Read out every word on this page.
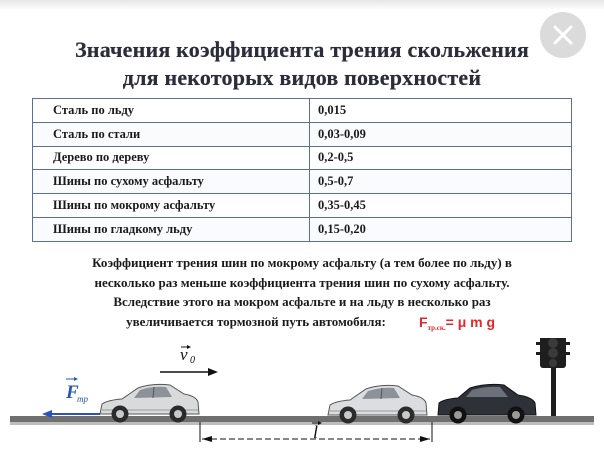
Значения коэффициента трения скольжения
для некоторых видов поверхностей
Сталь по льду	0,015
Сталь по стали	0,03-0,09
Дерево по дереву	0,2-0,5
Шины по сухому асфальту	0,5-0,7
Шины по мокрому асфальту	0,35-0,45
Шины по гладкому льду	0,15-0,20
Коэффициент трения шин по мокрому асфальту (а тем более по льду) в
несколько раз меньше коэффициента трения шин по сухому асфальту.
Вследствие этого на мокром асфальте и на льду в несколько раз
увеличивается тормозной путь автомобиля:	$F_{тр.ск.}= \mu$ m g
v 0
F
тр
l
